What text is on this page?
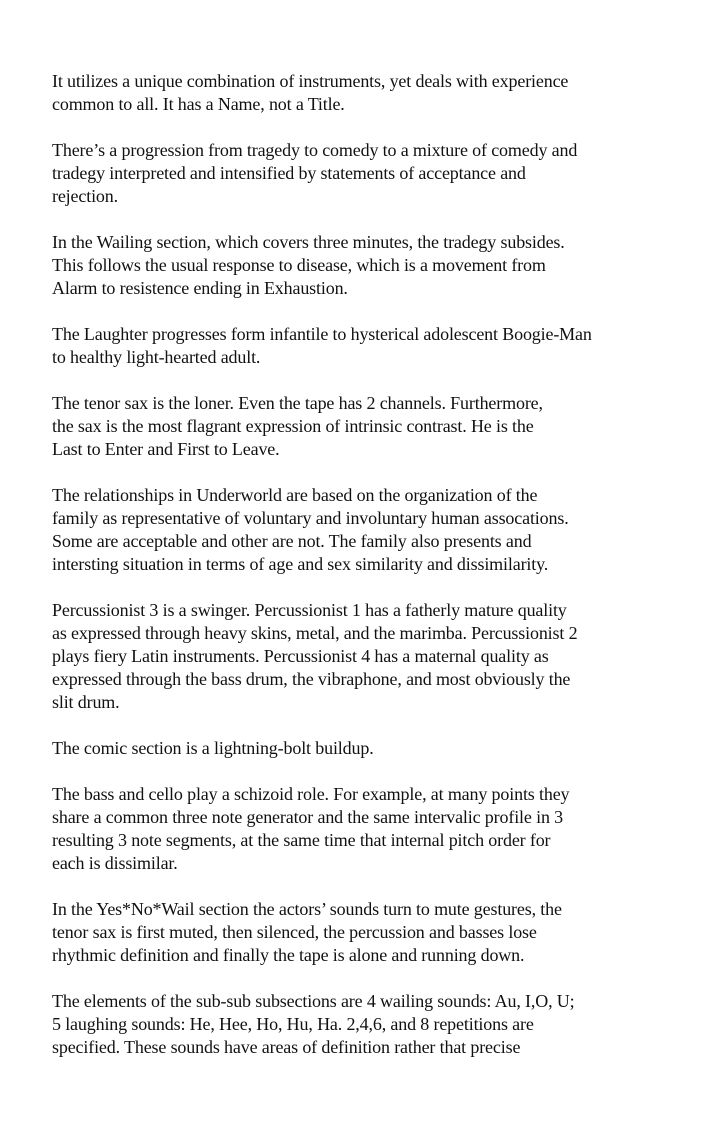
It utilizes a unique combination of instruments, yet deals with experience
common to all. It has a Name, not a Title.

There’s a progression from tragedy to comedy to a mixture of comedy and
tradegy interpreted and intensified by statements of acceptance and
rejection.

In the Wailing section, which covers three minutes, the tradegy subsides.
This follows the usual response to disease, which is a movement from
Alarm to resistence ending in Exhaustion.

The Laughter progresses form infantile to hysterical adolescent Boogie-Man
to healthy light-hearted adult.

The tenor sax is the loner. Even the tape has 2 channels. Furthermore,
the sax is the most flagrant expression of intrinsic contrast. He is the
Last to Enter and First to Leave.

The relationships in Underworld are based on the organization of the
family as representative of voluntary and involuntary human assocations.
Some are acceptable and other are not. The family also presents and
intersting situation in terms of age and sex similarity and dissimilarity.

Percussionist 3 is a swinger. Percussionist 1 has a fatherly mature quality
as expressed through heavy skins, metal, and the marimba. Percussionist 2
plays fiery Latin instruments. Percussionist 4 has a maternal quality as
expressed through the bass drum, the vibraphone, and most obviously the
slit drum.

The comic section is a lightning-bolt buildup.

The bass and cello play a schizoid role. For example, at many points they
share a common three note generator and the same intervalic profile in 3
resulting 3 note segments, at the same time that internal pitch order for
each is dissimilar.

In the Yes*No*Wail section the actors’ sounds turn to mute gestures, the
tenor sax is first muted, then silenced, the percussion and basses lose
rhythmic definition and finally the tape is alone and running down.

The elements of the sub-sub subsections are 4 wailing sounds: Au, I,O, U;
5 laughing sounds: He, Hee, Ho, Hu, Ha. 2,4,6, and 8 repetitions are
specified. These sounds have areas of definition rather that precise
